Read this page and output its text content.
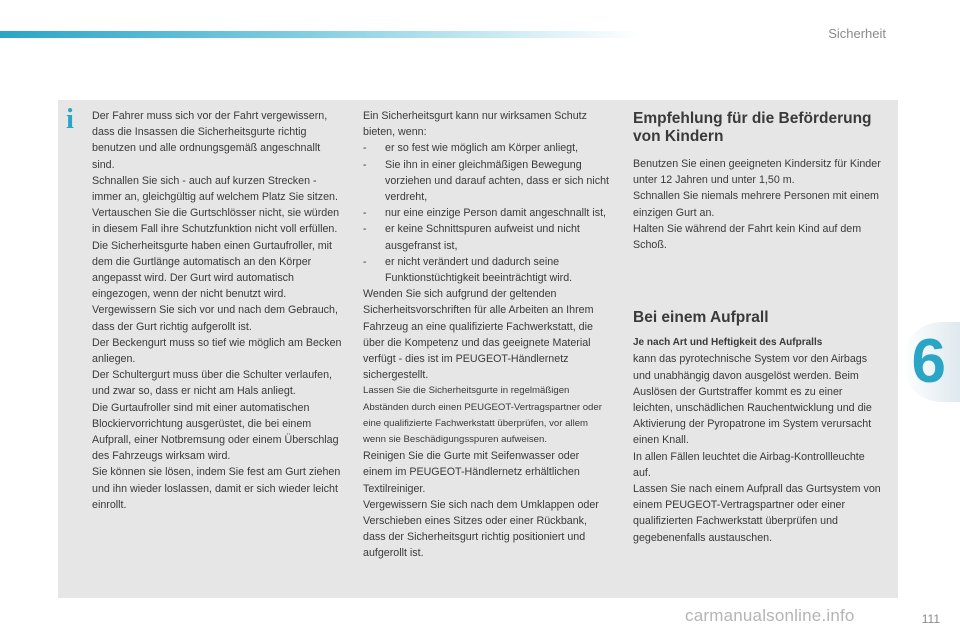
Sicherheit
i	Der Fahrer muss sich vor der Fahrt vergewissern, dass die Insassen die Sicherheitsgurte richtig benutzen und alle ordnungsgemäß angeschnallt sind.

Schnallen Sie sich - auch auf kurzen Strecken - immer an, gleichgültig auf welchem Platz Sie sitzen.

Vertauschen Sie die Gurtschlösser nicht, sie würden in diesem Fall ihre Schutzfunktion nicht voll erfüllen.

Die Sicherheitsgurte haben einen Gurtaufroller, mit dem die Gurtlänge automatisch an den Körper angepasst wird. Der Gurt wird automatisch eingezogen, wenn der nicht benutzt wird.

Vergewissern Sie sich vor und nach dem Gebrauch, dass der Gurt richtig aufgerollt ist.

Der Beckengurt muss so tief wie möglich am Becken anliegen.

Der Schultergurt muss über die Schulter verlaufen, und zwar so, dass er nicht am Hals anliegt.

Die Gurtaufroller sind mit einer automatischen Blockiervorrichtung ausgerüstet, die bei einem Aufprall, einer Notbremsung oder einem Überschlag des Fahrzeugs wirksam wird.

Sie können sie lösen, indem Sie fest am Gurt ziehen und ihn wieder loslassen, damit er sich wieder leicht einrollt.

Ein Sicherheitsgurt kann nur wirksamen Schutz bieten, wenn:

-	er so fest wie möglich am Körper anliegt,
-	Sie ihn in einer gleichmäßigen Bewegung vorziehen und darauf achten, dass er sich nicht verdreht,
-	nur eine einzige Person damit angeschnallt ist,
-	er keine Schnittspuren aufweist und nicht ausgefranst ist,
-	er nicht verändert und dadurch seine Funktionstüchtigkeit beeinträchtigt wird.

Wenden Sie sich aufgrund der geltenden Sicherheitsvorschriften für alle Arbeiten an Ihrem Fahrzeug an eine qualifizierte Fachwerkstatt, die über die Kompetenz und das geeignete Material verfügt - dies ist im PEUGEOT-Händlernetz sichergestellt.

Lassen Sie die Sicherheitsgurte in regelmäßigen Abständen durch einen PEUGEOT-Vertragspartner oder eine qualifizierte Fachwerkstatt überprüfen, vor allem wenn sie Beschädigungsspuren aufweisen.

Reinigen Sie die Gurte mit Seifenwasser oder einem im PEUGEOT-Händlernetz erhältlichen Textilreiniger.

Vergewissern Sie sich nach dem Umklappen oder Verschieben eines Sitzes oder einer Rückbank, dass der Sicherheitsgurt richtig positioniert und aufgerollt ist.

Empfehlung für die Beförderung von Kindern

Benutzen Sie einen geeigneten Kindersitz für Kinder unter 12 Jahren und unter 1,50 m.

Schnallen Sie niemals mehrere Personen mit einem einzigen Gurt an.

Halten Sie während der Fahrt kein Kind auf dem Schoß.

Bei einem Aufprall

Je nach Art und Heftigkeit des Aufpralls

kann das pyrotechnische System vor den Airbags und unabhängig davon ausgelöst werden. Beim Auslösen der Gurtstraffer kommt es zu einer leichten, unschädlichen Rauchentwicklung und die Aktivierung der Pyropatrone im System verursacht einen Knall.

In allen Fällen leuchtet die Airbag-Kontrollleuchte auf.

Lassen Sie nach einem Aufprall das Gurtsystem von einem PEUGEOT-Vertragspartner oder einer qualifizierten Fachwerkstatt überprüfen und gegebenenfalls austauschen.

6
carmanualsonline.info	111
